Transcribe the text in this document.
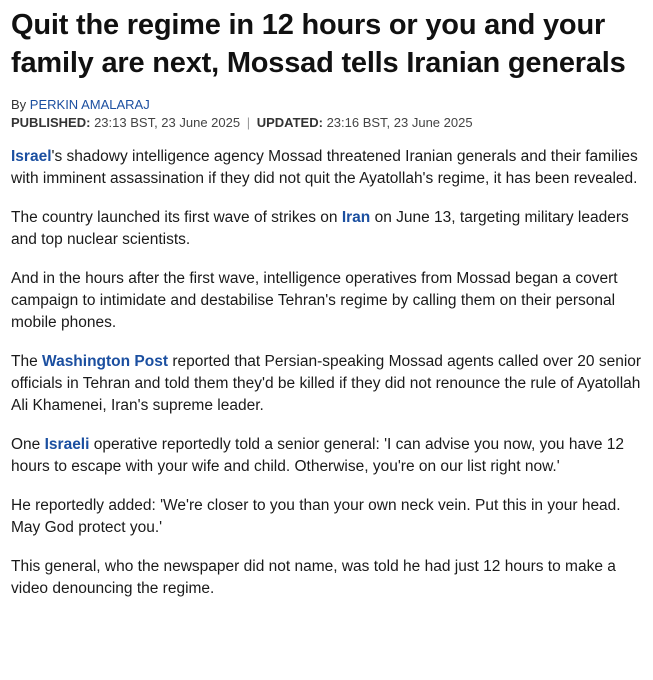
Quit the regime in 12 hours or you and your family are next, Mossad tells Iranian generals
By PERKIN AMALARAJ
PUBLISHED: 23:13 BST, 23 June 2025 | UPDATED: 23:16 BST, 23 June 2025

Israel's shadowy intelligence agency Mossad threatened Iranian generals and their families with imminent assassination if they did not quit the Ayatollah's regime, it has been revealed.

The country launched its first wave of strikes on Iran on June 13, targeting military leaders and top nuclear scientists.

And in the hours after the first wave, intelligence operatives from Mossad began a covert campaign to intimidate and destabilise Tehran's regime by calling them on their personal mobile phones.

The Washington Post reported that Persian-speaking Mossad agents called over 20 senior officials in Tehran and told them they'd be killed if they did not renounce the rule of Ayatollah Ali Khamenei, Iran's supreme leader.

One Israeli operative reportedly told a senior general: 'I can advise you now, you have 12 hours to escape with your wife and child. Otherwise, you're on our list right now.'

He reportedly added: 'We're closer to you than your own neck vein. Put this in your head. May God protect you.'

This general, who the newspaper did not name, was told he had just 12 hours to make a video denouncing the regime.
